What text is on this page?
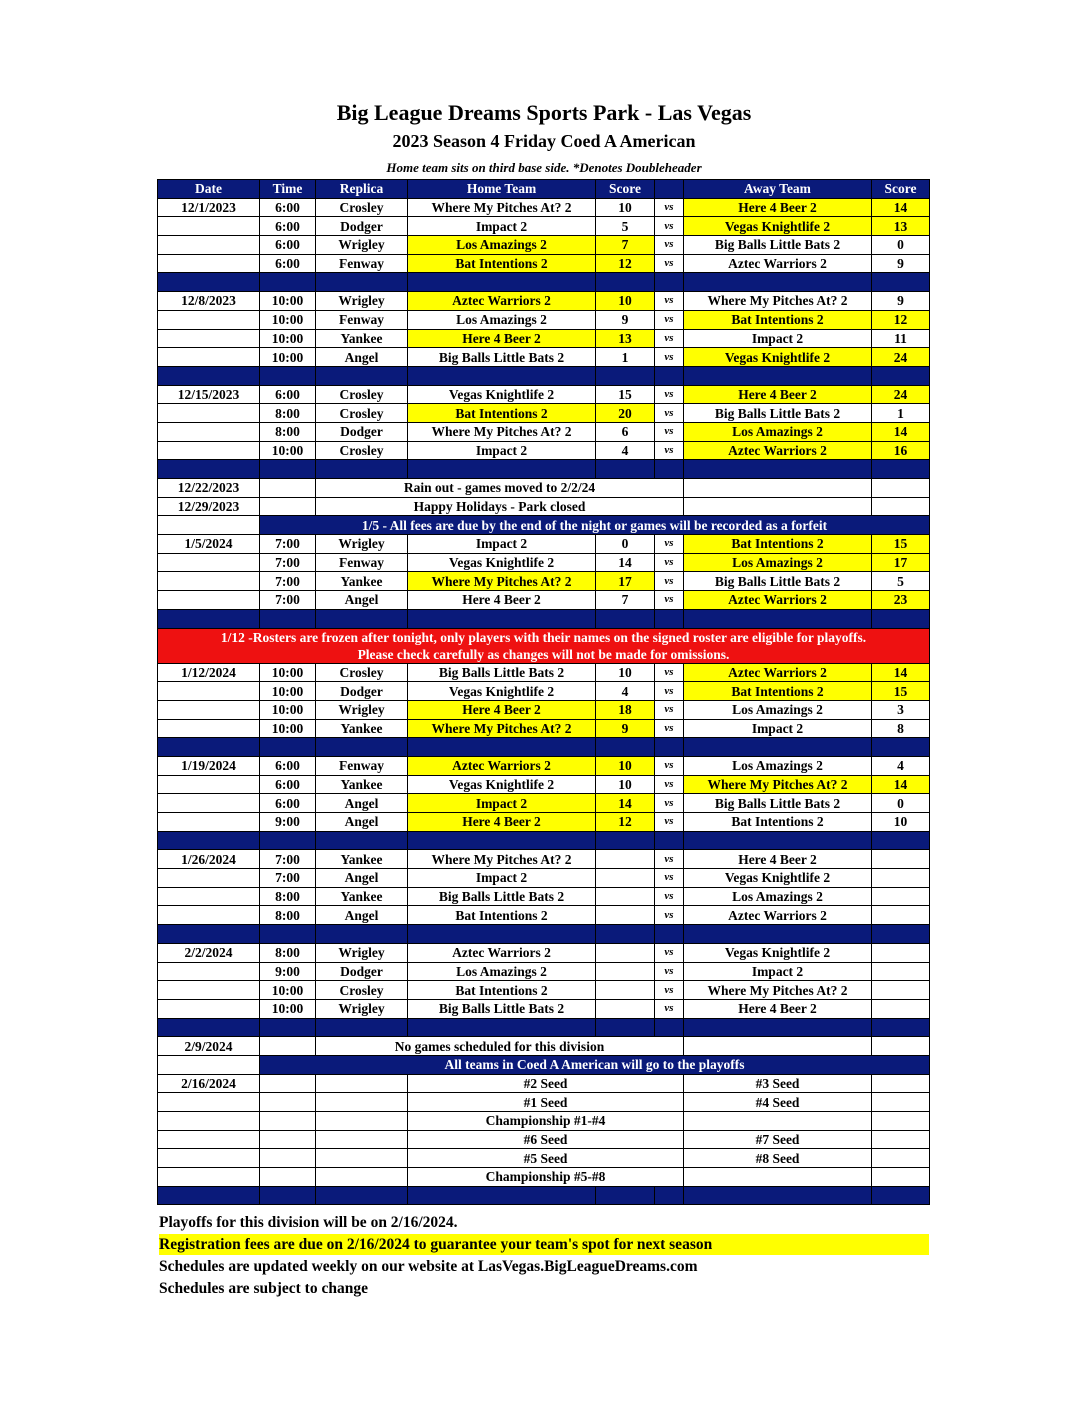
Big League Dreams Sports Park - Las Vegas
2023 Season 4 Friday Coed A American
Home team sits on third base side. *Denotes Doubleheader
Date	Time	Replica	Home Team	Score		Away Team	Score
12/1/2023	6:00	Crosley	Where My Pitches At? 2	10	vs	Here 4 Beer 2	14
	6:00	Dodger	Impact 2	5	vs	Vegas Knightlife 2	13
	6:00	Wrigley	Los Amazings 2	7	vs	Big Balls Little Bats 2	0
	6:00	Fenway	Bat Intentions 2	12	vs	Aztec Warriors 2	9

12/8/2023	10:00	Wrigley	Aztec Warriors 2	10	vs	Where My Pitches At? 2	9
	10:00	Fenway	Los Amazings 2	9	vs	Bat Intentions 2	12
	10:00	Yankee	Here 4 Beer 2	13	vs	Impact 2	11
	10:00	Angel	Big Balls Little Bats 2	1	vs	Vegas Knightlife 2	24

12/15/2023	6:00	Crosley	Vegas Knightlife 2	15	vs	Here 4 Beer 2	24
	8:00	Crosley	Bat Intentions 2	20	vs	Big Balls Little Bats 2	1
	8:00	Dodger	Where My Pitches At? 2	6	vs	Los Amazings 2	14
	10:00	Crosley	Impact 2	4	vs	Aztec Warriors 2	16

12/22/2023		Rain out - games moved to 2/2/24					
12/29/2023		Happy Holidays - Park closed					
	1/5 - All fees are due by the end of the night or games will be recorded as a forfeit						
1/5/2024	7:00	Wrigley	Impact 2	0	vs	Bat Intentions 2	15
	7:00	Fenway	Vegas Knightlife 2	14	vs	Los Amazings 2	17
	7:00	Yankee	Where My Pitches At? 2	17	vs	Big Balls Little Bats 2	5
	7:00	Angel	Here 4 Beer 2	7	vs	Aztec Warriors 2	23

1/12 -Rosters are frozen after tonight, only players with their names on the signed roster are eligible for playoffs.
Please check carefully as changes will not be made for omissions.							

1/12/2024	10:00	Crosley	Big Balls Little Bats 2	10	vs	Aztec Warriors 2	14
	10:00	Dodger	Vegas Knightlife 2	4	vs	Bat Intentions 2	15
	10:00	Wrigley	Here 4 Beer 2	18	vs	Los Amazings 2	3
	10:00	Yankee	Where My Pitches At? 2	9	vs	Impact 2	8

1/19/2024	6:00	Fenway	Aztec Warriors 2	10	vs	Los Amazings 2	4
	6:00	Yankee	Vegas Knightlife 2	10	vs	Where My Pitches At? 2	14
	6:00	Angel	Impact 2	14	vs	Big Balls Little Bats 2	0
	9:00	Angel	Here 4 Beer 2	12	vs	Bat Intentions 2	10

1/26/2024	7:00	Yankee	Where My Pitches At? 2		vs	Here 4 Beer 2	
	7:00	Angel	Impact 2		vs	Vegas Knightlife 2	
	8:00	Yankee	Big Balls Little Bats 2		vs	Los Amazings 2	
	8:00	Angel	Bat Intentions 2		vs	Aztec Warriors 2	

2/2/2024	8:00	Wrigley	Aztec Warriors 2		vs	Vegas Knightlife 2	
	9:00	Dodger	Los Amazings 2		vs	Impact 2	
	10:00	Crosley	Bat Intentions 2		vs	Where My Pitches At? 2	
	10:00	Wrigley	Big Balls Little Bats 2		vs	Here 4 Beer 2	

2/9/2024		No games scheduled for this division					
	All teams in Coed A American will go to the playoffs						
2/16/2024			#2 Seed			#3 Seed	
			#1 Seed			#4 Seed	
			Championship #1-#4				
			#6 Seed			#7 Seed	
			#5 Seed			#8 Seed	
			Championship #5-#8				

Playoffs for this division will be on 2/16/2024.
Registration fees are due on 2/16/2024 to guarantee your team's spot for next season
Schedules are updated weekly on our website at LasVegas.BigLeagueDreams.com
Schedules are subject to change
